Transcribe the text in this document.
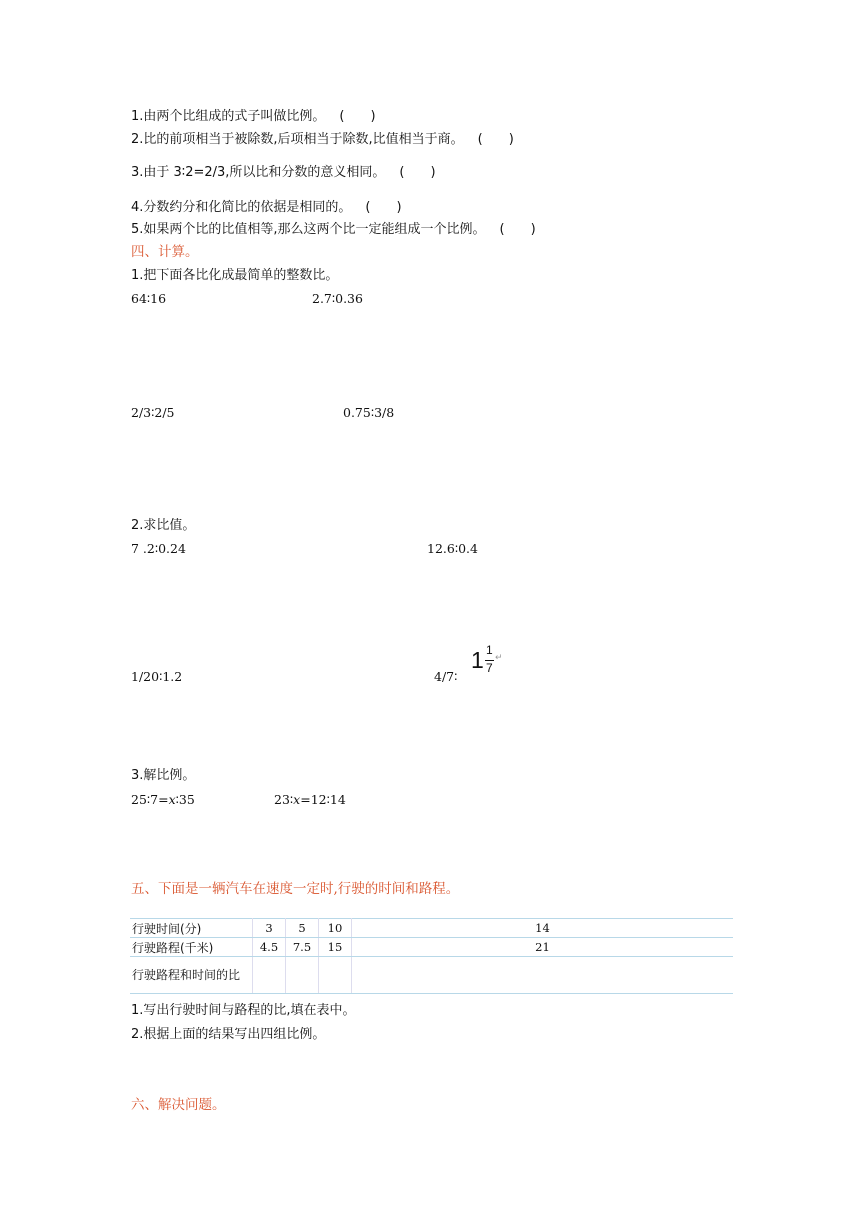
1.由两个比组成的式子叫做比例。 (　　)
2.比的前项相当于被除数,后项相当于除数,比值相当于商。 (　　)
3.由于 3∶2=2/3,所以比和分数的意义相同。 (　　)
4.分数约分和化简比的依据是相同的。 (　　)
5.如果两个比的比值相等,那么这两个比一定能组成一个比例。 (　　)
四、计算。
1.把下面各比化成最简单的整数比。
64∶16	2.7∶0.36
2/3∶2/5	0.75∶3/8
2.求比值。
7 .2∶0.24	12.6∶0.4
1/20∶1.2	4/7∶
1 1
7
↵
3.解比例。
25∶7=x∶35	23∶x=12∶14
五、下面是一辆汽车在速度一定时,行驶的时间和路程。
行驶时间(分)	3	5	10	14
行驶路程(千米)	4.5	7.5	15	21
行驶路程和时间的比				
1.写出行驶时间与路程的比,填在表中。
2.根据上面的结果写出四组比例。
六、解决问题。
